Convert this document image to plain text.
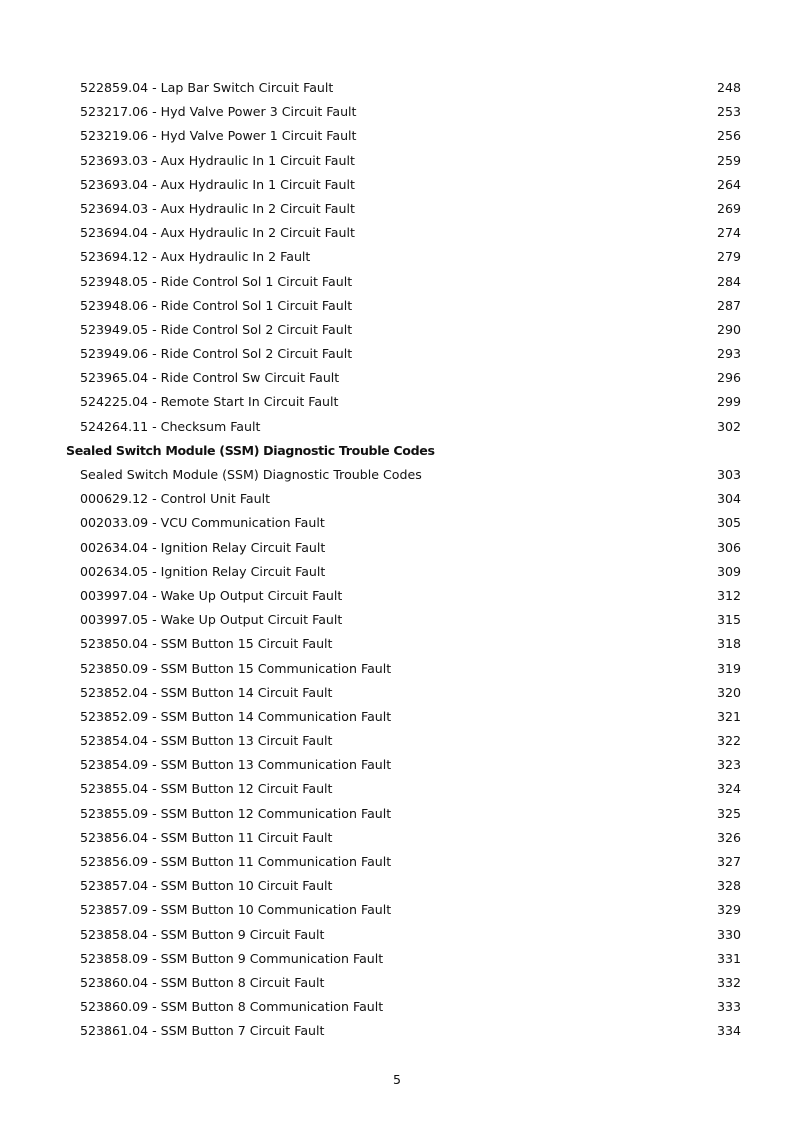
522859.04 - Lap Bar Switch Circuit Fault	248
523217.06 - Hyd Valve Power 3 Circuit Fault	253
523219.06 - Hyd Valve Power 1 Circuit Fault	256
523693.03 - Aux Hydraulic In 1 Circuit Fault	259
523693.04 - Aux Hydraulic In 1 Circuit Fault	264
523694.03 - Aux Hydraulic In 2 Circuit Fault	269
523694.04 - Aux Hydraulic In 2 Circuit Fault	274
523694.12 - Aux Hydraulic In 2 Fault	279
523948.05 - Ride Control Sol 1 Circuit Fault	284
523948.06 - Ride Control Sol 1 Circuit Fault	287
523949.05 - Ride Control Sol 2 Circuit Fault	290
523949.06 - Ride Control Sol 2 Circuit Fault	293
523965.04 - Ride Control Sw Circuit Fault	296
524225.04 - Remote Start In Circuit Fault	299
524264.11 - Checksum Fault	302
Sealed Switch Module (SSM) Diagnostic Trouble Codes
Sealed Switch Module (SSM) Diagnostic Trouble Codes	303
000629.12 - Control Unit Fault	304
002033.09 - VCU Communication Fault	305
002634.04 - Ignition Relay Circuit Fault	306
002634.05 - Ignition Relay Circuit Fault	309
003997.04 - Wake Up Output Circuit Fault	312
003997.05 - Wake Up Output Circuit Fault	315
523850.04 - SSM Button 15 Circuit Fault	318
523850.09 - SSM Button 15 Communication Fault	319
523852.04 - SSM Button 14 Circuit Fault	320
523852.09 - SSM Button 14 Communication Fault	321
523854.04 - SSM Button 13 Circuit Fault	322
523854.09 - SSM Button 13 Communication Fault	323
523855.04 - SSM Button 12 Circuit Fault	324
523855.09 - SSM Button 12 Communication Fault	325
523856.04 - SSM Button 11 Circuit Fault	326
523856.09 - SSM Button 11 Communication Fault	327
523857.04 - SSM Button 10 Circuit Fault	328
523857.09 - SSM Button 10 Communication Fault	329
523858.04 - SSM Button 9 Circuit Fault	330
523858.09 - SSM Button 9 Communication Fault	331
523860.04 - SSM Button 8 Circuit Fault	332
523860.09 - SSM Button 8 Communication Fault	333
523861.04 - SSM Button 7 Circuit Fault	334
5
